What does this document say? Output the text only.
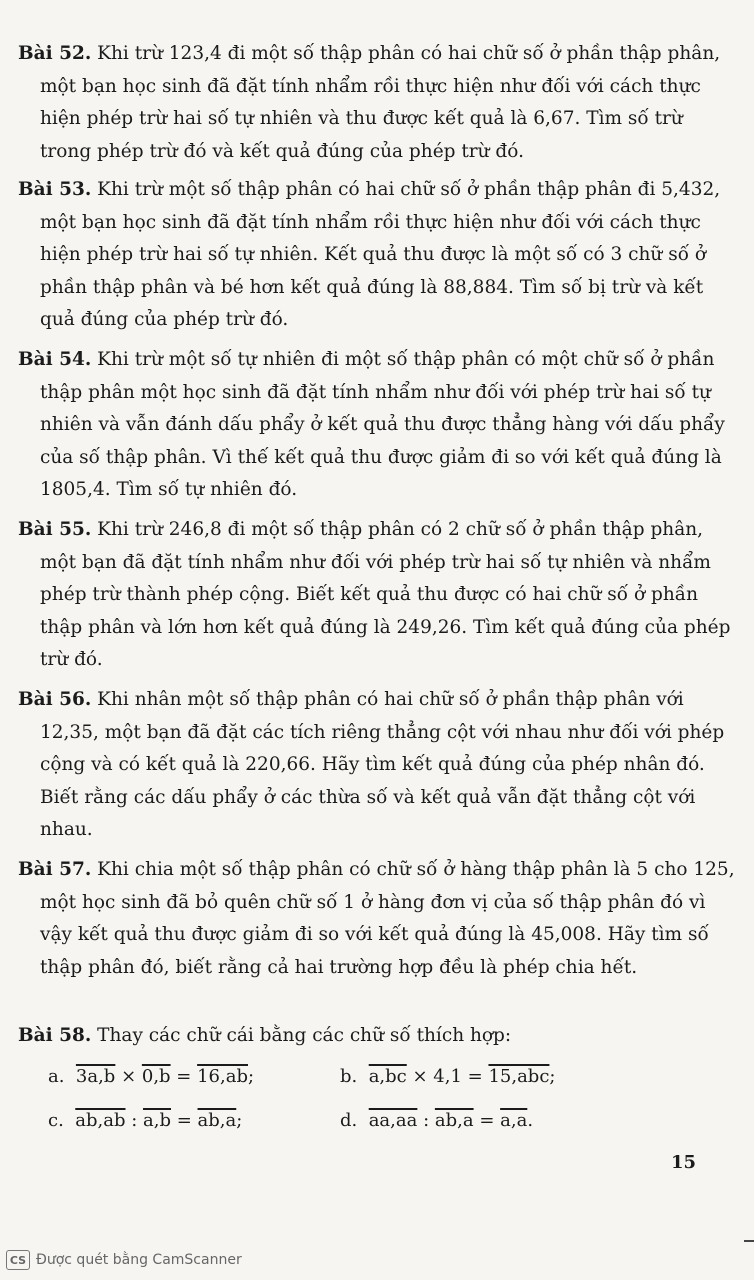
Bài 52. Khi trừ 123,4 đi một số thập phân có hai chữ số ở phần thập phân, một bạn học sinh đã đặt tính nhẩm rồi thực hiện như đối với cách thực hiện phép trừ hai số tự nhiên và thu được kết quả là 6,67. Tìm số trừ trong phép trừ đó và kết quả đúng của phép trừ đó.
Bài 53. Khi trừ một số thập phân có hai chữ số ở phần thập phân đi 5,432, một bạn học sinh đã đặt tính nhẩm rồi thực hiện như đối với cách thực hiện phép trừ hai số tự nhiên. Kết quả thu được là một số có 3 chữ số ở phần thập phân và bé hơn kết quả đúng là 88,884. Tìm số bị trừ và kết quả đúng của phép trừ đó.
Bài 54. Khi trừ một số tự nhiên đi một số thập phân có một chữ số ở phần thập phân một học sinh đã đặt tính nhẩm như đối với phép trừ hai số tự nhiên và vẫn đánh dấu phẩy ở kết quả thu được thẳng hàng với dấu phẩy của số thập phân. Vì thế kết quả thu được giảm đi so với kết quả đúng là 1805,4. Tìm số tự nhiên đó.
Bài 55. Khi trừ 246,8 đi một số thập phân có 2 chữ số ở phần thập phân, một bạn đã đặt tính nhẩm như đối với phép trừ hai số tự nhiên và nhẩm phép trừ thành phép cộng. Biết kết quả thu được có hai chữ số ở phần thập phân và lớn hơn kết quả đúng là 249,26. Tìm kết quả đúng của phép trừ đó.
Bài 56. Khi nhân một số thập phân có hai chữ số ở phần thập phân với 12,35, một bạn đã đặt các tích riêng thẳng cột với nhau như đối với phép cộng và có kết quả là 220,66. Hãy tìm kết quả đúng của phép nhân đó. Biết rằng các dấu phẩy ở các thừa số và kết quả vẫn đặt thẳng cột với nhau.
Bài 57. Khi chia một số thập phân có chữ số ở hàng thập phân là 5 cho 125, một học sinh đã bỏ quên chữ số 1 ở hàng đơn vị của số thập phân đó vì vậy kết quả thu được giảm đi so với kết quả đúng là 45,008. Hãy tìm số thập phân đó, biết rằng cả hai trường hợp đều là phép chia hết.
Bài 58. Thay các chữ cái bằng các chữ số thích hợp:
a. 3a,b × 0,b = 16,ab;	b. a,bc × 4,1 = 15,abc;
c. ab,ab : a,b = ab,a;	d. aa,aa : ab,a = a,a.
15
CS Được quét bằng CamScanner
